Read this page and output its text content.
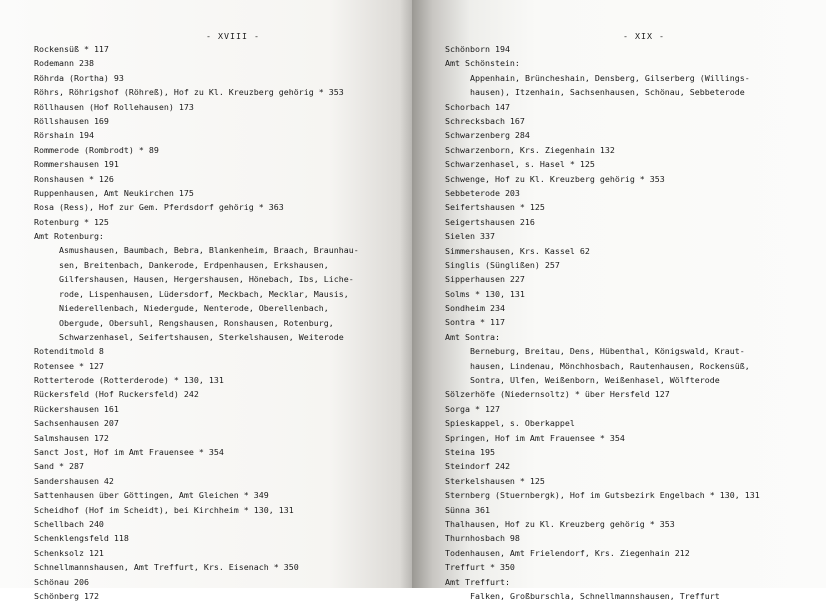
- XVIII -
Rockensüß * 117
Rodemann 238
Röhrda (Rortha) 93
Röhrs, Röhrigshof (Röhreß), Hof zu Kl. Kreuzberg gehörig * 353
Röllhausen (Hof Rollehausen) 173
Röllshausen 169
Rörshain 194
Rommerode (Rombrodt) * 89
Rommershausen 191
Ronshausen * 126
Ruppenhausen, Amt Neukirchen 175
Rosa (Ress), Hof zur Gem. Pferdsdorf gehörig * 363
Rotenburg * 125
Amt Rotenburg:
Asmushausen, Baumbach, Bebra, Blankenheim, Braach, Braunhau-
sen, Breitenbach, Dankerode, Erdpenhausen, Erkshausen,
Gilfershausen, Hausen, Hergershausen, Hönebach, Ibs, Liche-
rode, Lispenhausen, Lüdersdorf, Meckbach, Mecklar, Mausis,
Niederellenbach, Niedergude, Nenterode, Oberellenbach,
Obergude, Obersuhl, Rengshausen, Ronshausen, Rotenburg,
Schwarzenhasel, Seifertshausen, Sterkelshausen, Weiterode
Rotenditmold 8
Rotensee * 127
Rotterterode (Rotterderode) * 130, 131
Rückersfeld (Hof Ruckersfeld) 242
Rückershausen 161
Sachsenhausen 207
Salmshausen 172
Sanct Jost, Hof im Amt Frauensee * 354
Sand * 287
Sandershausen 42
Sattenhausen über Göttingen, Amt Gleichen * 349
Scheidhof (Hof im Scheidt), bei Kirchheim * 130, 131
Schellbach 240
Schenklengsfeld 118
Schenksolz 121
Schnellmannshausen, Amt Treffurt, Krs. Eisenach * 350
Schönau 206
Schönberg 172
- XIX -
Schönborn 194
Amt Schönstein:
Appenhain, Brüncheshain, Densberg, Gilserberg (Willings-
hausen), Itzenhain, Sachsenhausen, Schönau, Sebbeterode
Schorbach 147
Schrecksbach 167
Schwarzenberg 284
Schwarzenborn, Krs. Ziegenhain 132
Schwarzenhasel, s. Hasel * 125
Schwenge, Hof zu Kl. Kreuzberg gehörig * 353
Sebbeterode 203
Seifertshausen * 125
Seigertshausen 216
Sielen 337
Simmershausen, Krs. Kassel 62
Singlis (Sünglißen) 257
Sipperhausen 227
Solms * 130, 131
Sondheim 234
Sontra * 117
Amt Sontra:
Berneburg, Breitau, Dens, Hübenthal, Königswald, Kraut-
hausen, Lindenau, Mönchhosbach, Rautenhausen, Rockensüß,
Sontra, Ulfen, Weißenborn, Weißenhasel, Wölfterode
Sölzerhöfe (Niedernsoltz) * über Hersfeld 127
Sorga * 127
Spieskappel, s. Oberkappel
Springen, Hof im Amt Frauensee * 354
Steina 195
Steindorf 242
Sterkelshausen * 125
Sternberg (Stuernbergk), Hof im Gutsbezirk Engelbach * 130, 131
Sünna 361
Thalhausen, Hof zu Kl. Kreuzberg gehörig * 353
Thurnhosbach 98
Todenhausen, Amt Frielendorf, Krs. Ziegenhain 212
Treffurt * 350
Amt Treffurt:
Falken, Großburschla, Schnellmannshausen, Treffurt
